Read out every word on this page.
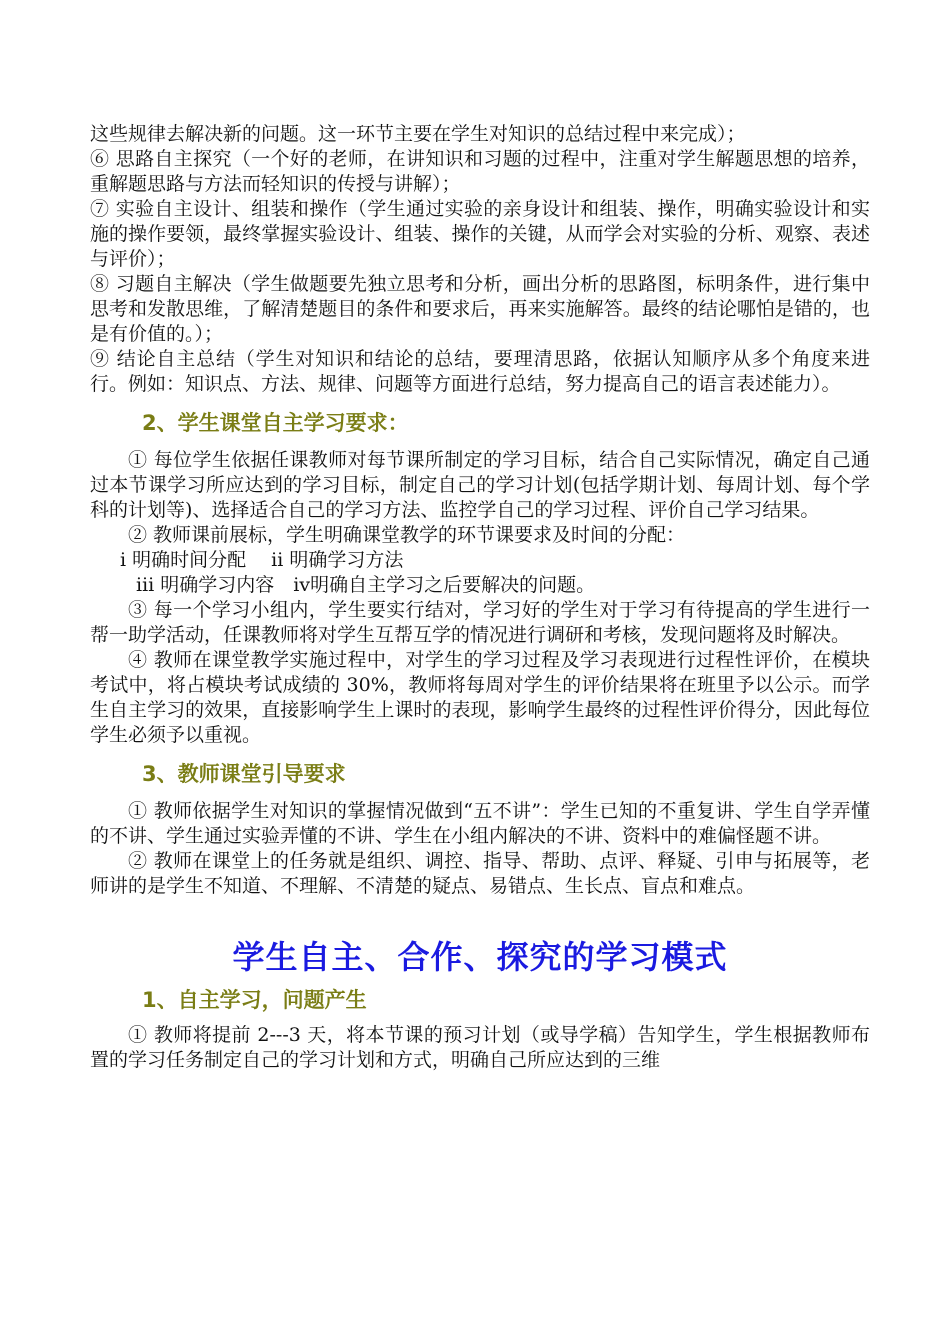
这些规律去解决新的问题。这一环节主要在学生对知识的总结过程中来完成）；

⑥ 思路自主探究（一个好的老师，在讲知识和习题的过程中，注重对学生解题思想的培养，重解题思路与方法而轻知识的传授与讲解）；

⑦ 实验自主设计、组装和操作（学生通过实验的亲身设计和组装、操作，明确实验设计和实施的操作要领，最终掌握实验设计、组装、操作的关键，从而学会对实验的分析、观察、表述与评价）；

⑧ 习题自主解决（学生做题要先独立思考和分析，画出分析的思路图，标明条件，进行集中思考和发散思维，了解清楚题目的条件和要求后，再来实施解答。最终的结论哪怕是错的，也是有价值的。）；

⑨ 结论自主总结（学生对知识和结论的总结，要理清思路，依据认知顺序从多个角度来进行。例如：知识点、方法、规律、问题等方面进行总结，努力提高自己的语言表述能力）。

2、学生课堂自主学习要求：

① 每位学生依据任课教师对每节课所制定的学习目标，结合自己实际情况，确定自己通过本节课学习所应达到的学习目标，制定自己的学习计划(包括学期计划、每周计划、每个学科的计划等)、选择适合自己的学习方法、监控学自己的学习过程、评价自己学习结果。

② 教师课前展标，学生明确课堂教学的环节课要求及时间的分配：

ⅰ 明确时间分配　 ⅱ 明确学习方法

ⅲ 明确学习内容　ⅳ明确自主学习之后要解决的问题。

③ 每一个学习小组内，学生要实行结对，学习好的学生对于学习有待提高的学生进行一帮一助学活动，任课教师将对学生互帮互学的情况进行调研和考核，发现问题将及时解决。

④ 教师在课堂教学实施过程中，对学生的学习过程及学习表现进行过程性评价，在模块考试中，将占模块考试成绩的 30%，教师将每周对学生的评价结果将在班里予以公示。而学生自主学习的效果，直接影响学生上课时的表现，影响学生最终的过程性评价得分，因此每位学生必须予以重视。

3、教师课堂引导要求

① 教师依据学生对知识的掌握情况做到“五不讲”：学生已知的不重复讲、学生自学弄懂的不讲、学生通过实验弄懂的不讲、学生在小组内解决的不讲、资料中的难偏怪题不讲。

② 教师在课堂上的任务就是组织、调控、指导、帮助、点评、释疑、引申与拓展等，老师讲的是学生不知道、不理解、不清楚的疑点、易错点、生长点、盲点和难点。

学生自主、合作、探究的学习模式
1、自主学习，问题产生

① 教师将提前 2---3 天，将本节课的预习计划（或导学稿）告知学生，学生根据教师布置的学习任务制定自己的学习计划和方式，明确自己所应达到的三维
